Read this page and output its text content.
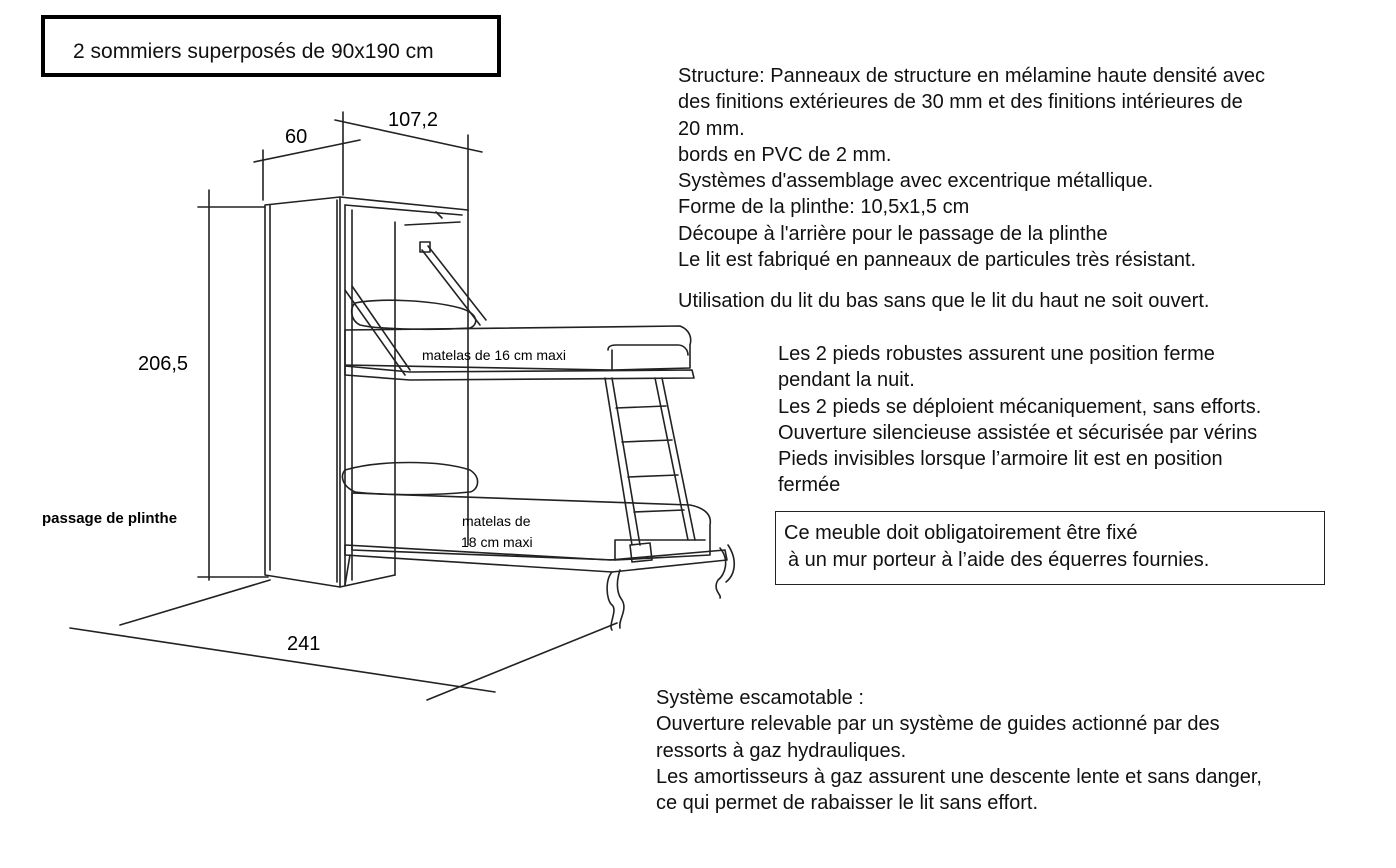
2 sommiers superposés de 90x190 cm
60
107,2
206,5
241
passage de plinthe
matelas de 16 cm maxi
matelas de
18 cm maxi
Structure: Panneaux de structure en mélamine haute densité avec
des finitions extérieures de 30 mm et des finitions intérieures de
20 mm.
bords en PVC de 2 mm.
Systèmes d'assemblage avec excentrique métallique.
Forme de la plinthe: 10,5x1,5 cm
Découpe à l'arrière pour le passage de la plinthe
Le lit est fabriqué en panneaux de particules très résistant.
Utilisation du lit du bas sans que le lit du haut ne soit ouvert.
Les 2 pieds robustes assurent une position ferme
pendant la nuit.
Les 2 pieds se déploient mécaniquement, sans efforts.
Ouverture silencieuse assistée et sécurisée par vérins
Pieds invisibles lorsque l’armoire lit est en position
fermée
Ce meuble doit obligatoirement être fixé
à un mur porteur à l’aide des équerres fournies.
Système escamotable :
Ouverture relevable par un système de guides actionné par des
ressorts à gaz hydrauliques.
Les amortisseurs à gaz assurent une descente lente et sans danger,
ce qui permet de rabaisser le lit sans effort.
